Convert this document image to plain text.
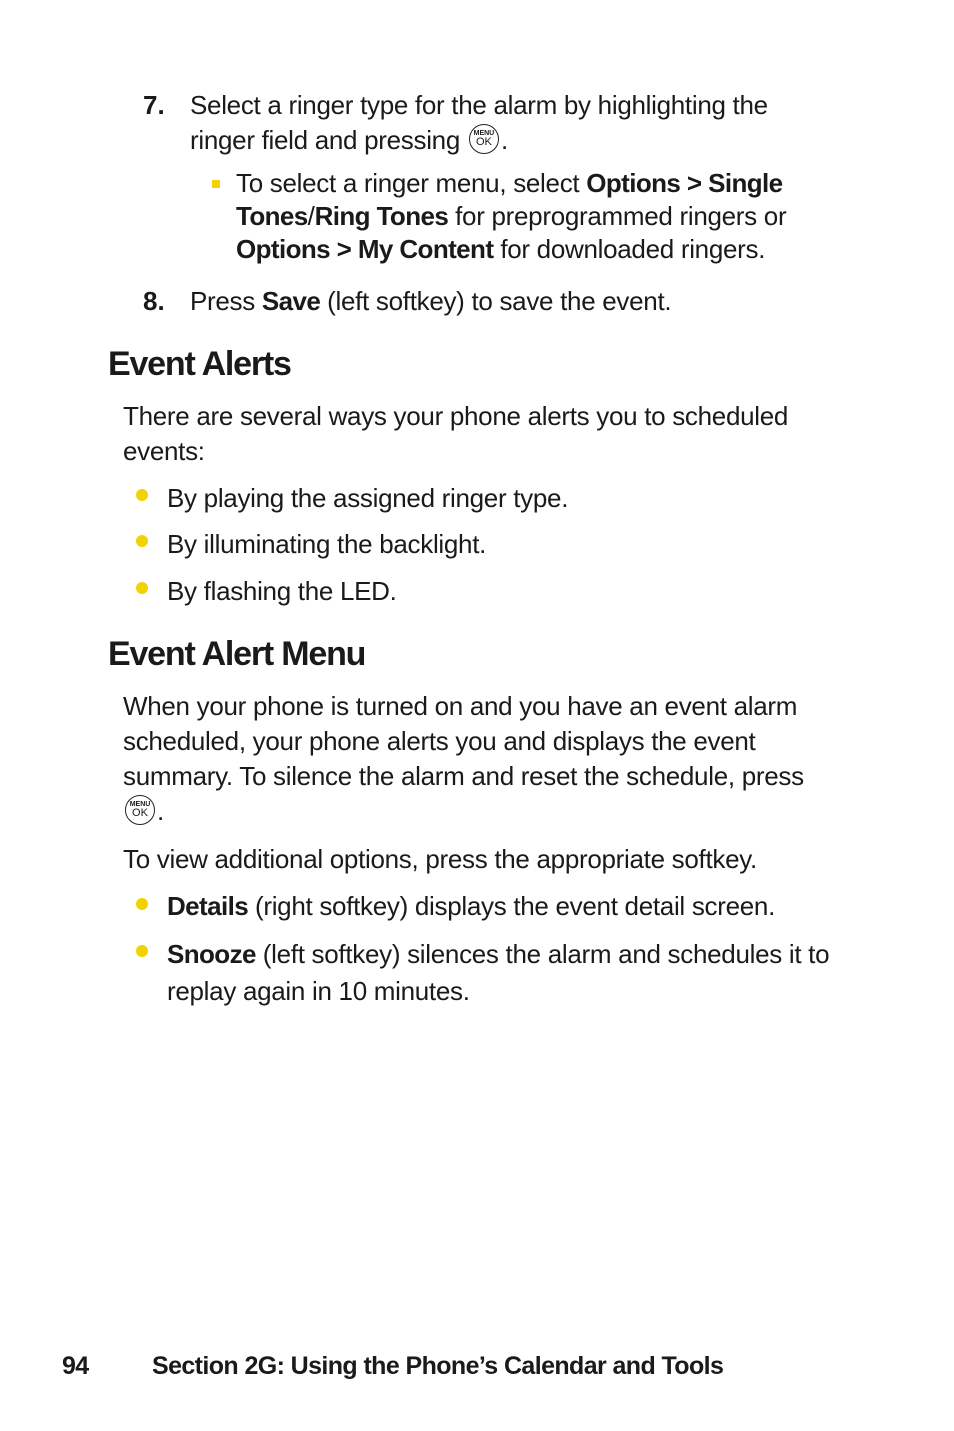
7. Select a ringer type for the alarm by highlighting the
ringer field and pressing	MENU
OK .
To select a ringer menu, select Options > Single Tones/Ring Tones for preprogrammed ringers or Options > My Content for downloaded ringers.
8. Press Save (left softkey) to save the event.
Event Alerts
There are several ways your phone alerts you to scheduled events:
By playing the assigned ringer type.
By illuminating the backlight.
By flashing the LED.
Event Alert Menu
When your phone is turned on and you have an event alarm scheduled, your phone alerts you and displays the event summary. To silence the alarm and reset the schedule, press
MENU
OK .
To view additional options, press the appropriate softkey.
Details (right softkey) displays the event detail screen.
Snooze (left softkey) silences the alarm and schedules it to replay again in 10 minutes.
94	Section 2G: Using the Phone’s Calendar and Tools
